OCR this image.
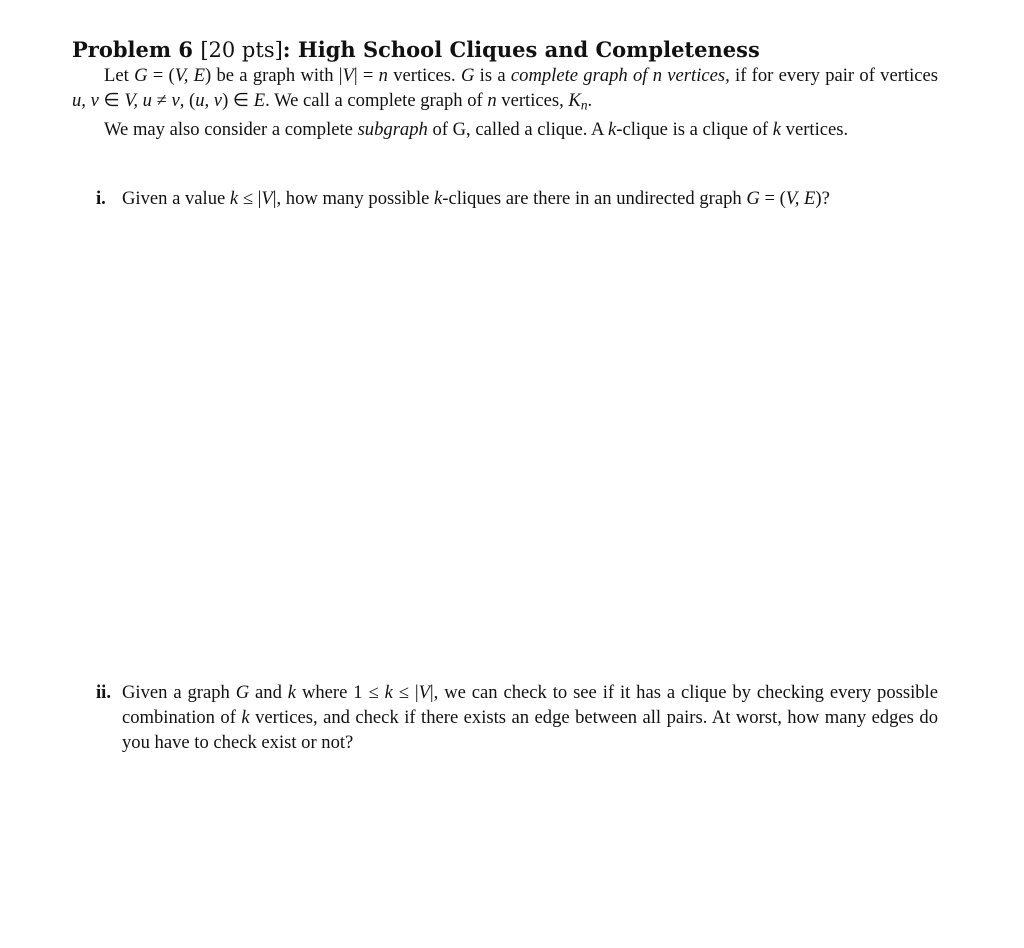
Problem 6 [20 pts]: High School Cliques and Completeness

Let G = (V, E) be a graph with |V| = n vertices. G is a complete graph of n vertices, if for every pair of vertices u, v ∈ V, u ≠ v, (u, v) ∈ E. We call a complete graph of n vertices, $K_n$.

We may also consider a complete subgraph of G, called a clique. A k-clique is a clique of k vertices.

i. Given a value k ≤ |V|, how many possible k-cliques are there in an undirected graph G = (V, E)?
ii. Given a graph G and k where 1 ≤ k ≤ |V|, we can check to see if it has a clique by checking every possible combination of k vertices, and check if there exists an edge between all pairs. At worst, how many edges do you have to check exist or not?
